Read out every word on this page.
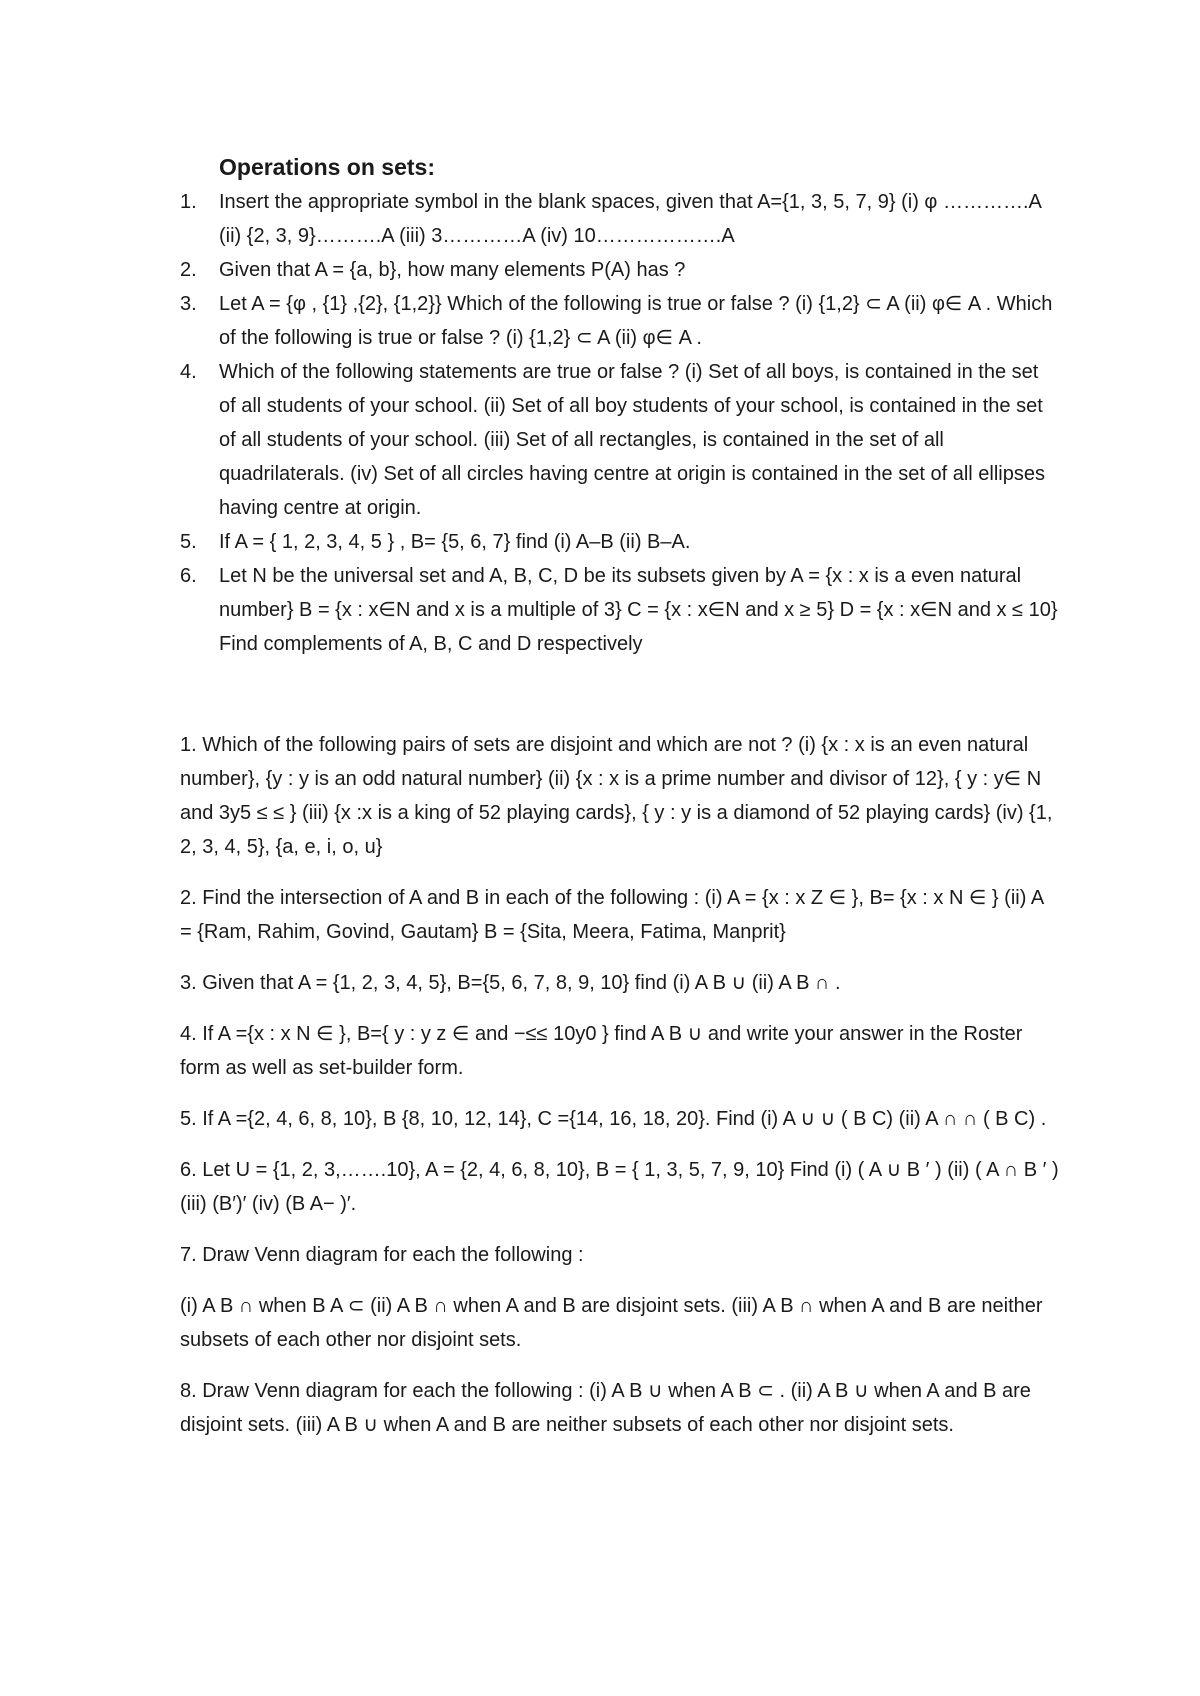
Operations on sets:
1. Insert the appropriate symbol in the blank spaces, given that A={1, 3, 5, 7, 9} (i) φ ………….A (ii) {2, 3, 9}……….A (iii) 3…………A (iv) 10……………….A
2. Given that A = {a, b}, how many elements P(A) has ?
3. Let A = {φ , {1} ,{2}, {1,2}} Which of the following is true or false ? (i) {1,2} ⊂ A (ii) φ∈ A . Which of the following is true or false ? (i) {1,2} ⊂ A (ii) φ∈ A .
4. Which of the following statements are true or false ? (i) Set of all boys, is contained in the set of all students of your school. (ii) Set of all boy students of your school, is contained in the set of all students of your school. (iii) Set of all rectangles, is contained in the set of all quadrilaterals. (iv) Set of all circles having centre at origin is contained in the set of all ellipses having centre at origin.
5. If A = { 1, 2, 3, 4, 5 } , B= {5, 6, 7} find (i) A–B (ii) B–A.
6. Let N be the universal set and A, B, C, D be its subsets given by A = {x : x is a even natural number} B = {x : x∈N and x is a multiple of 3} C = {x : x∈N and x ≥ 5} D = {x : x∈N and x ≤ 10} Find complements of A, B, C and D respectively

1. Which of the following pairs of sets are disjoint and which are not ? (i) {x : x is an even natural number}, {y : y is an odd natural number} (ii) {x : x is a prime number and divisor of 12}, { y : y∈ N and 3y5 ≤ ≤ } (iii) {x :x is a king of 52 playing cards}, { y : y is a diamond of 52 playing cards} (iv) {1, 2, 3, 4, 5}, {a, e, i, o, u}

2. Find the intersection of A and B in each of the following : (i) A = {x : x Z ∈ }, B= {x : x N ∈ } (ii) A = {Ram, Rahim, Govind, Gautam} B = {Sita, Meera, Fatima, Manprit}

3. Given that A = {1, 2, 3, 4, 5}, B={5, 6, 7, 8, 9, 10} find (i) A B ∪ (ii) A B ∩ .

4. If A ={x : x N ∈ }, B={ y : y z ∈ and −≤≤ 10y0 } find A B ∪ and write your answer in the Roster form as well as set-builder form.

5. If A ={2, 4, 6, 8, 10}, B {8, 10, 12, 14}, C ={14, 16, 18, 20}. Find (i) A ∪ ∪ ( B C) (ii) A ∩ ∩ ( B C) .

6. Let U = {1, 2, 3,…….10}, A = {2, 4, 6, 8, 10}, B = { 1, 3, 5, 7, 9, 10} Find (i) ( A ∪ B ′ ) (ii) ( A ∩ B ′ ) (iii) (B′)′ (iv) (B A− )′.

7. Draw Venn diagram for each the following :

(i) A B ∩ when B A ⊂ (ii) A B ∩ when A and B are disjoint sets. (iii) A B ∩ when A and B are neither subsets of each other nor disjoint sets.

8. Draw Venn diagram for each the following : (i) A B ∪ when A B ⊂ . (ii) A B ∪ when A and B are disjoint sets. (iii) A B ∪ when A and B are neither subsets of each other nor disjoint sets.
